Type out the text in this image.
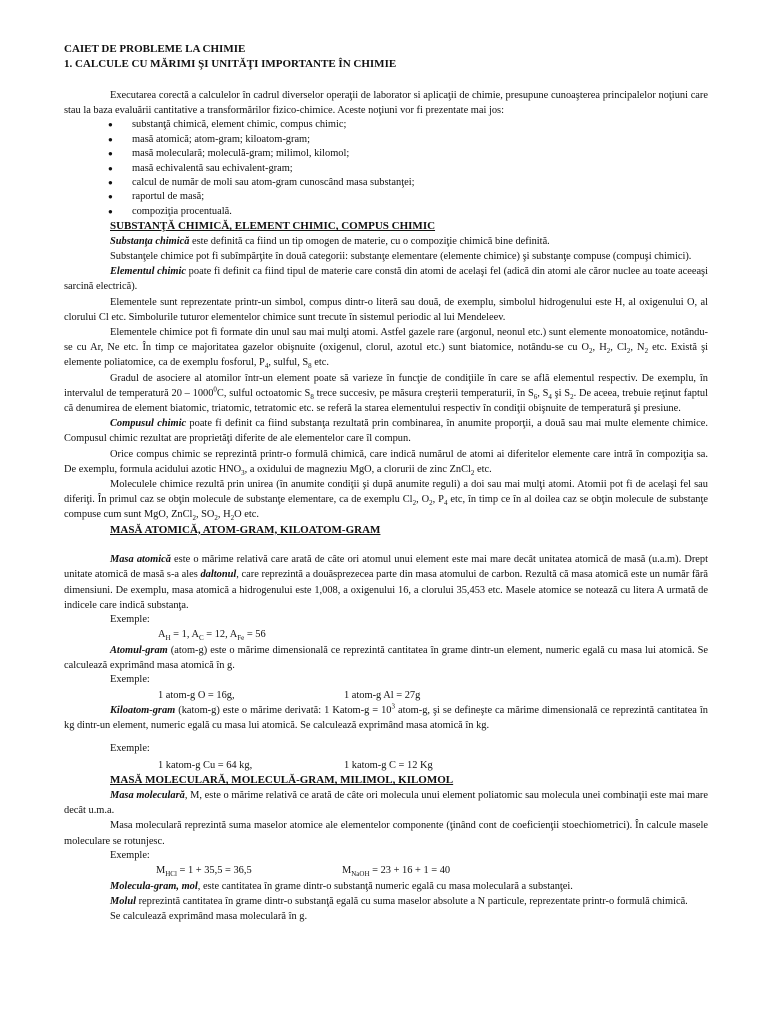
CAIET DE PROBLEME LA CHIMIE
1. CALCULE CU MĂRIMI ŞI UNITĂŢI IMPORTANTE ÎN CHIMIE

Executarea corectă a calculelor în cadrul diverselor operaţii de laborator si aplicaţii de chimie, presupune cunoaşterea principalelor noţiuni care stau la baza evaluării cantitative a transformărilor fizico-chimice. Aceste noţiuni vor fi prezentate mai jos:

● substanţă chimică, element chimic, compus chimic;
● masă atomică; atom-gram; kiloatom-gram;
● masă moleculară; moleculă-gram; milimol, kilomol;
● masă echivalentă sau echivalent-gram;
● calcul de număr de moli sau atom-gram cunoscând masa substanţei;
● raportul de masă;
● compoziţia procentuală.
SUBSTANŢĂ CHIMICĂ, ELEMENT CHIMIC, COMPUS CHIMIC

Substanţa chimică este definită ca fiind un tip omogen de materie, cu o compoziţie chimică bine definită.

Substanţele chimice pot fi subîmpărţite în două categorii: substanţe elementare (elemente chimice) şi substanţe compuse (compuşi chimici).

Elementul chimic poate fi definit ca fiind tipul de materie care constă din atomi de acelaşi fel (adică din atomi ale căror nuclee au toate aceeaşi sarcină electrică).

Elementele sunt reprezentate printr-un simbol, compus dintr-o literă sau două, de exemplu, simbolul hidrogenului este H, al oxigenului O, al clorului Cl etc. Simbolurile tuturor elementelor chimice sunt trecute în sistemul periodic al lui Mendeleev.

Elementele chimice pot fi formate din unul sau mai mulţi atomi. Astfel gazele rare (argonul, neonul etc.) sunt elemente monoatomice, notându-se cu Ar, Ne etc. În timp ce majoritatea gazelor obişnuite (oxigenul, clorul, azotul etc.) sunt biatomice, notându-se cu $O_2$, $H_2$, $Cl_2$, $N_2$ etc. Există şi elemente poliatomice, ca de exemplu fosforul, $P_4$, sulful, $S_8$ etc.

Gradul de asociere al atomilor într-un element poate să varieze în funcţie de condiţiile în care se află elementul respectiv. De exemplu, în intervalul de temperatură 20 – 1000$^0$C, sulful octoatomic $S_8$ trece succesiv, pe măsura creşterii temperaturii, în $S_6$, $S_4$ şi $S_2$. De aceea, trebuie reţinut faptul că denumirea de element biatomic, triatomic, tetratomic etc. se referă la starea elementului respectiv în condiţii obişnuite de temperatură şi presiune.

Compusul chimic poate fi definit ca fiind substanţa rezultată prin combinarea, în anumite proporţii, a două sau mai multe elemente chimice. Compusul chimic rezultat are proprietăţi diferite de ale elementelor care îl compun.

Orice compus chimic se reprezintă printr-o formulă chimică, care indică numărul de atomi ai diferitelor elemente care intră în compoziţia sa. De exemplu, formula acidului azotic $HNO_3$, a oxidului de magneziu MgO, a clorurii de zinc ZnCl$_2$ etc.

Moleculele chimice rezultă prin unirea (în anumite condiţii şi după anumite reguli) a doi sau mai mulţi atomi. Atomii pot fi de acelaşi fel sau diferiţi. În primul caz se obţin molecule de substanţe elementare, ca de exemplu $Cl_2$, $O_2$, $P_4$ etc, în timp ce în al doilea caz se obţin molecule de substanţe compuse cum sunt MgO, ZnCl$_2$, $SO_2$, $H_2O$ etc.

MASĂ ATOMICĂ, ATOM-GRAM, KILOATOM-GRAM

Masa atomică este o mărime relativă care arată de câte ori atomul unui element este mai mare decât unitatea atomică de masă (u.a.m). Drept unitate atomică de masă s-a ales daltonul, care reprezintă a douăsprezecea parte din masa atomului de carbon. Rezultă că masa atomică este un număr fără dimensiuni. De exemplu, masa atomică a hidrogenului este 1,008, a oxigenului 16, a clorului 35,453 etc. Masele atomice se notează cu litera A urmată de indicele care indică substanţa.

Exemple:
$A_H = 1$, $A_C = 12$, $A_{Fe} = 56$

Atomul-gram (atom-g) este o mărime dimensională ce reprezintă cantitatea în grame dintr-un element, numeric egală cu masa lui atomică. Se calculează exprimând masa atomică în g.

Exemple:
1 atom-g O = 16g,	1 atom-g Al = 27g

Kiloatom-gram (katom-g) este o mărime derivată: 1 Katom-g = $10^3$ atom-g, şi se defineşte ca mărime dimensională ce reprezintă cantitatea în kg dintr-un element, numeric egală cu masa lui atomică. Se calculează exprimând masa atomică în kg.

Exemple:
1 katom-g Cu = 64 kg,	1 katom-g C = 12 Kg
MASĂ MOLECULARĂ, MOLECULĂ-GRAM, MILIMOL, KILOMOL

Masa moleculară, M, este o mărime relativă ce arată de câte ori molecula unui element poliatomic sau molecula unei combinaţii este mai mare decât u.m.a.

Masa moleculară reprezintă suma maselor atomice ale elementelor componente (ţinând cont de coeficienţii stoechiometrici). În calcule masele moleculare se rotunjesc.

Exemple:
$M_{HCl} = 1 + 35,5 = 36,5$	$M_{NaOH} = 23 + 16 + 1 = 40$

Molecula-gram, mol, este cantitatea în grame dintr-o substanţă numeric egală cu masa moleculară a substanţei.

Molul reprezintă cantitatea în grame dintr-o substanţă egală cu suma maselor absolute a N particule, reprezentate printr-o formulă chimică.

Se calculează exprimând masa moleculară în g.
